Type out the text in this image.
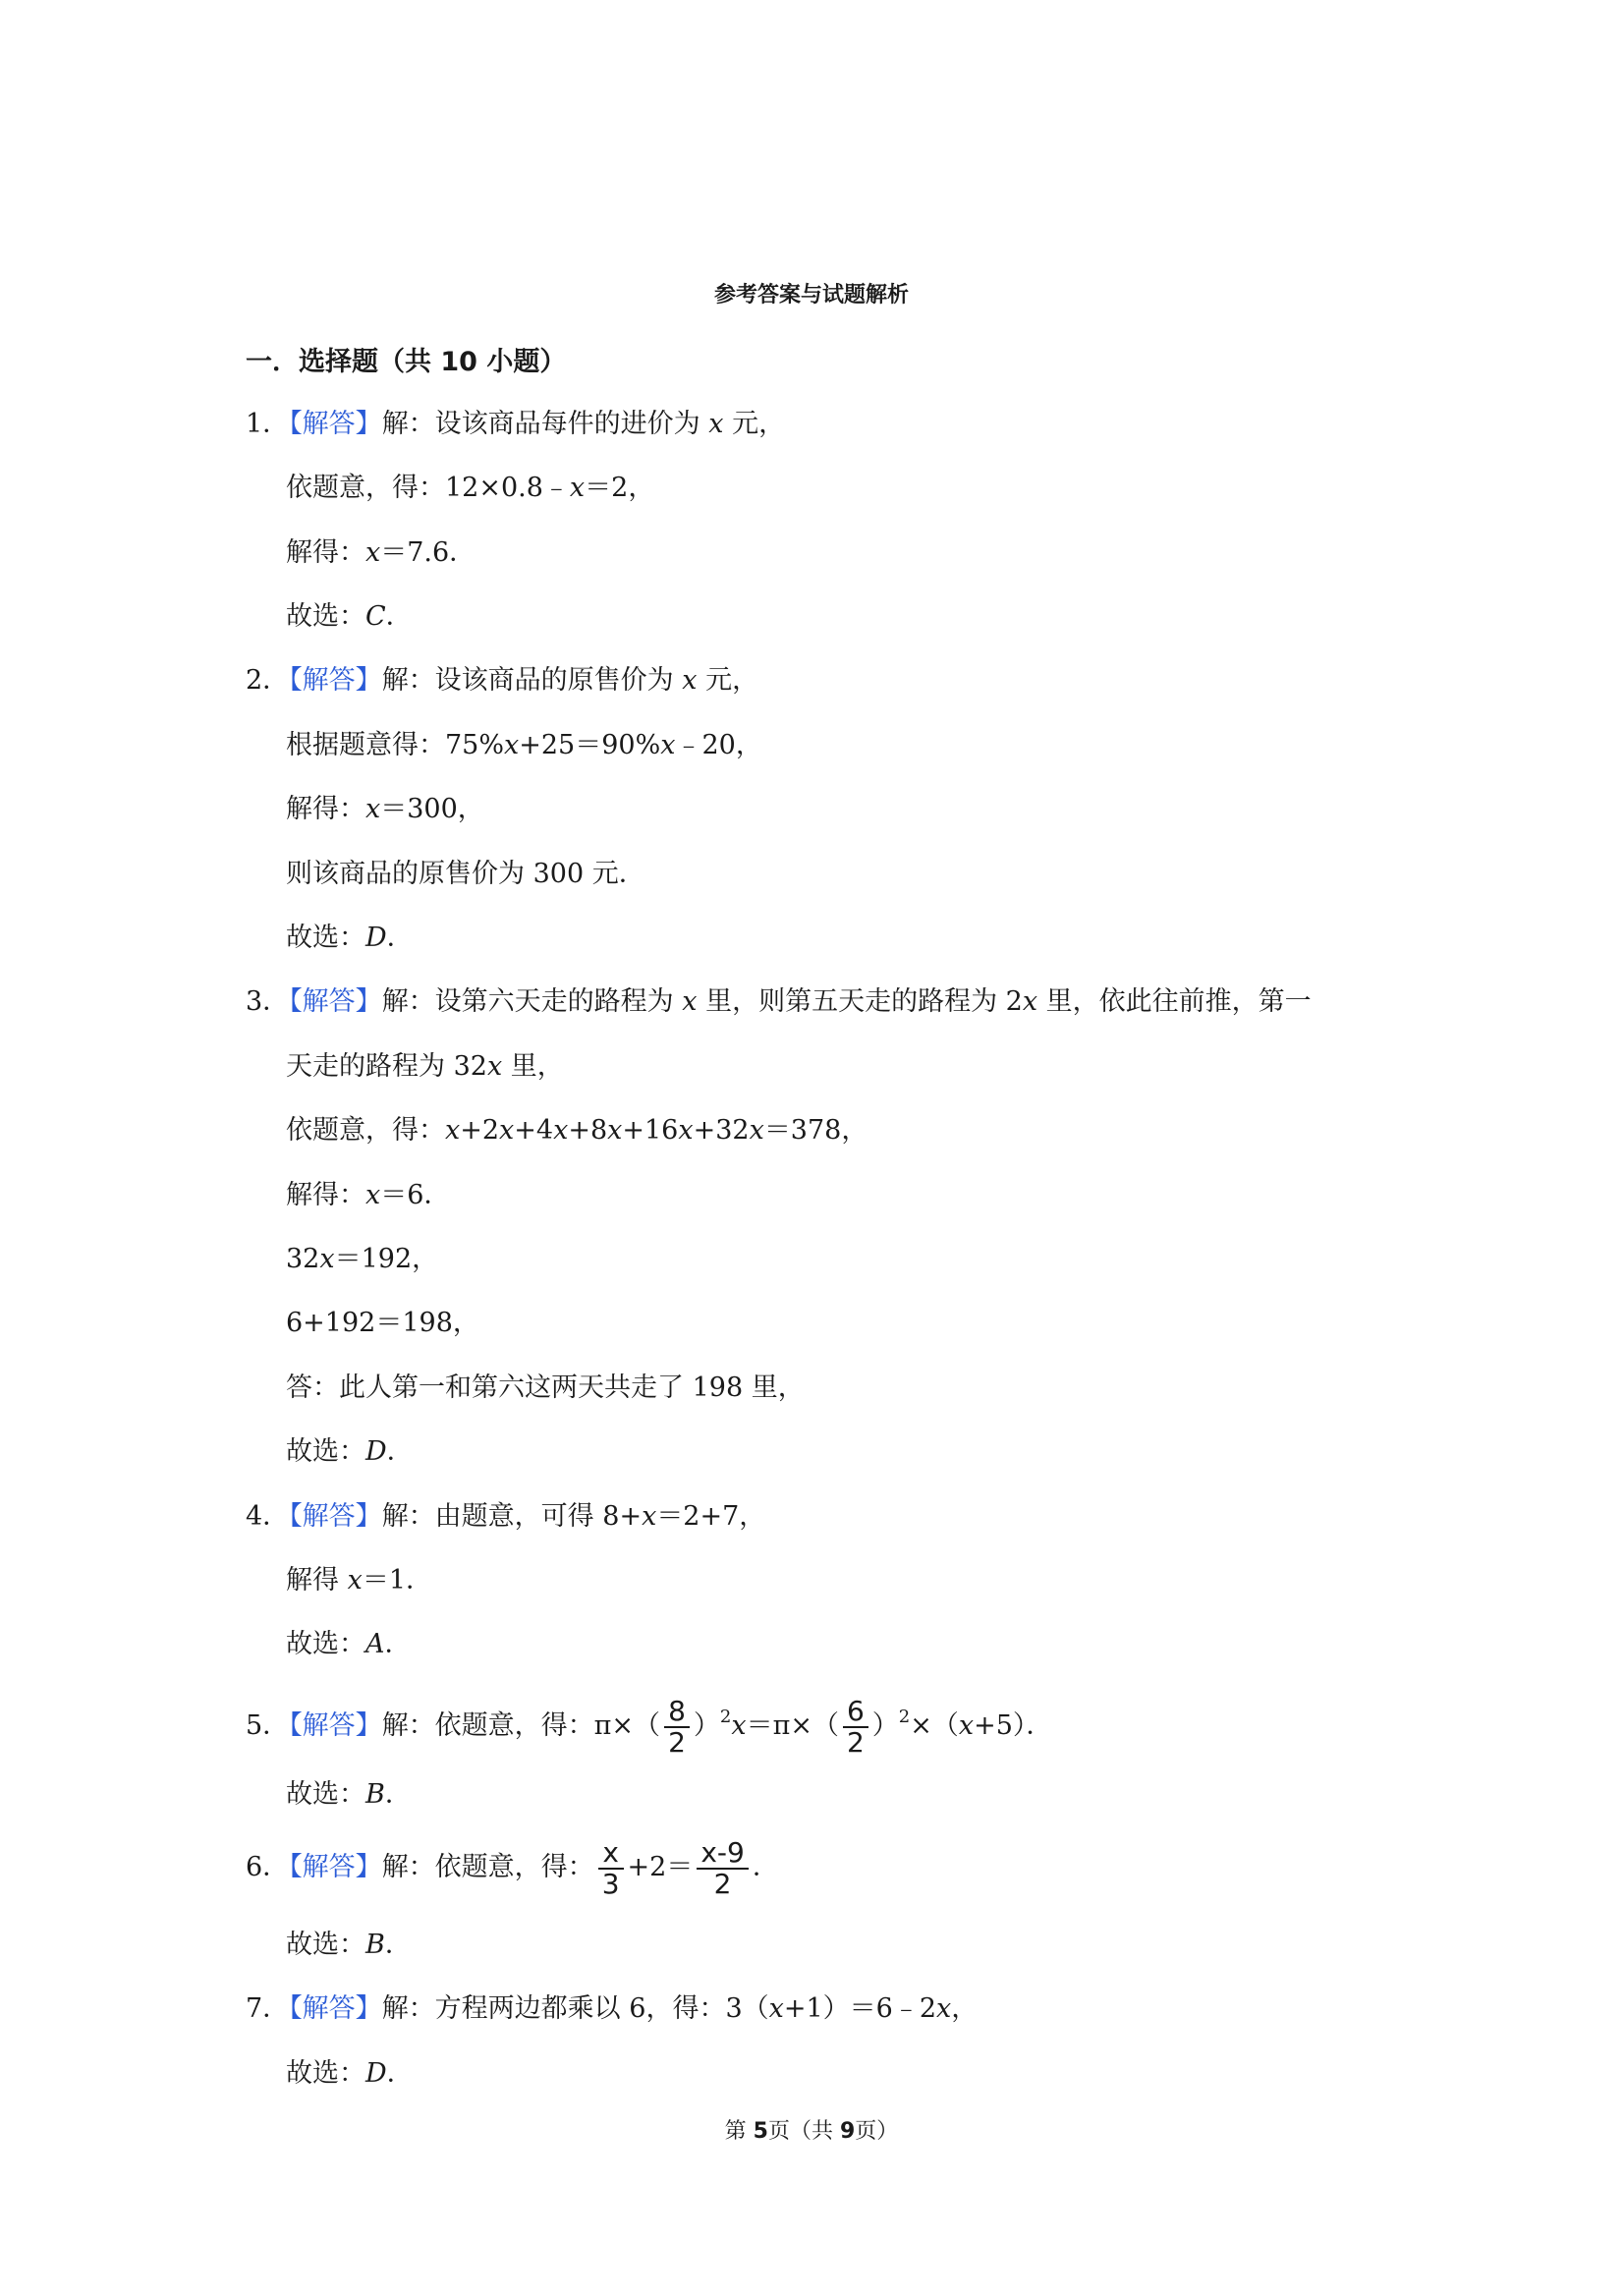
参考答案与试题解析
一．选择题（共 10 小题）
1．【解答】解：设该商品每件的进价为 x 元，
依题意，得：12×0.8﹣x＝2，
解得：x＝7.6．
故选：C．
2．【解答】解：设该商品的原售价为 x 元，
根据题意得：75%x+25＝90%x﹣20，
解得：x＝300，
则该商品的原售价为 300 元．
故选：D．
3．【解答】解：设第六天走的路程为 x 里，则第五天走的路程为 2x 里，依此往前推，第一
天走的路程为 32x 里，
依题意，得：x+2x+4x+8x+16x+32x＝378，
解得：x＝6．
32x＝192，
6+192＝198，
答：此人第一和第六这两天共走了 198 里，
故选：D．
4．【解答】解：由题意，可得 8+x＝2+7，
解得 x＝1．
故选：A．
5．【解答】解：依题意，得：$\pi\times( \frac{8}{2} )^2x=\pi\times( \frac{6}{2} )^2\times(x+5)$．
故选：B．
6．【解答】解：依题意，得： $\frac{x}{3} +2= \frac{x-9}{2}$ ．
故选：B．
7．【解答】解：方程两边都乘以 6，得：3（x+1）＝6﹣2x，
故选：D．
第 5页（共 9页）
